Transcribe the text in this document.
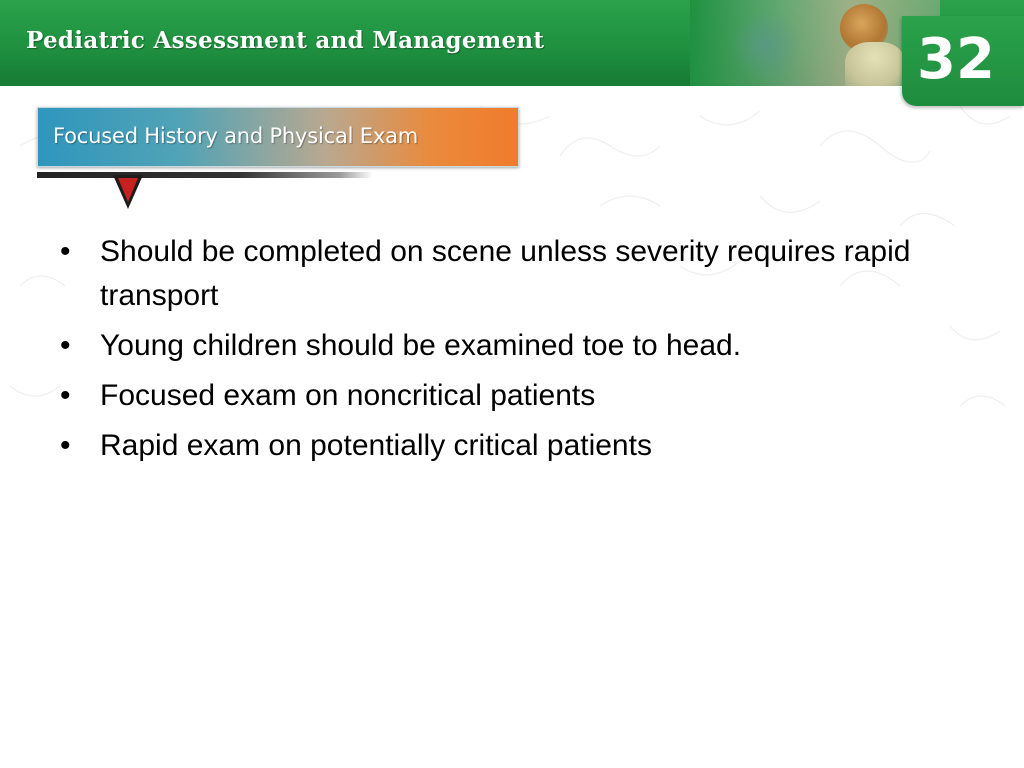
Pediatric Assessment and Management	32
Focused History and Physical Exam
• Should be completed on scene unless severity requires rapid transport
• Young children should be examined toe to head.
• Focused exam on noncritical patients
• Rapid exam on potentially critical patients
